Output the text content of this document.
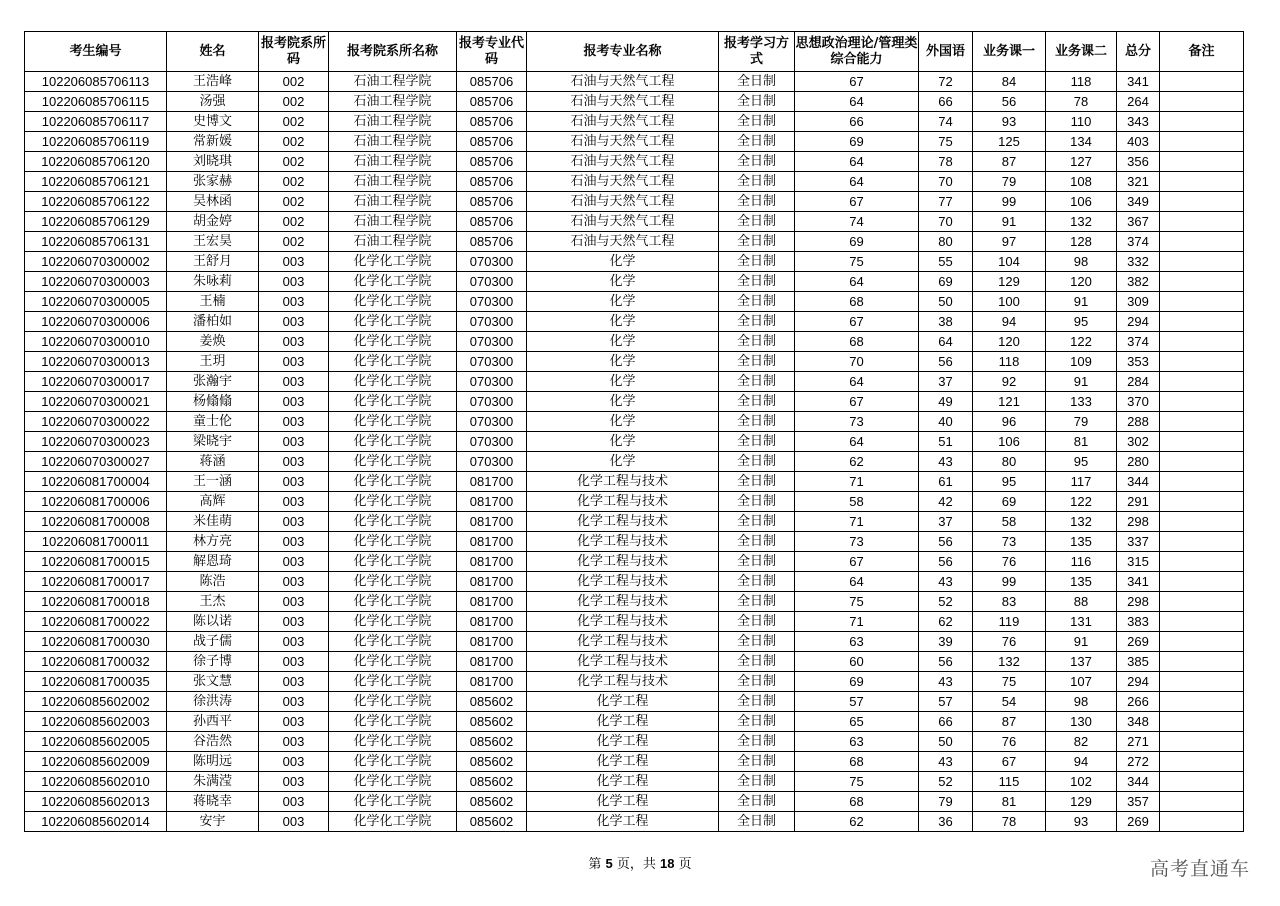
考生编号	姓名	报考院系所码	报考院系所名称	报考专业代码	报考专业名称	报考学习方式	思想政治理论/管理类综合能力	外国语	业务课一	业务课二	总分	备注
102206085706113	王浩峰	002	石油工程学院	085706	石油与天然气工程	全日制	67	72	84	118	341	
102206085706115	汤强	002	石油工程学院	085706	石油与天然气工程	全日制	64	66	56	78	264	
102206085706117	史博文	002	石油工程学院	085706	石油与天然气工程	全日制	66	74	93	110	343	
102206085706119	常新媛	002	石油工程学院	085706	石油与天然气工程	全日制	69	75	125	134	403	
102206085706120	刘晓琪	002	石油工程学院	085706	石油与天然气工程	全日制	64	78	87	127	356	
102206085706121	张家赫	002	石油工程学院	085706	石油与天然气工程	全日制	64	70	79	108	321	
102206085706122	吴林函	002	石油工程学院	085706	石油与天然气工程	全日制	67	77	99	106	349	
102206085706129	胡金婷	002	石油工程学院	085706	石油与天然气工程	全日制	74	70	91	132	367	
102206085706131	王宏昊	002	石油工程学院	085706	石油与天然气工程	全日制	69	80	97	128	374	
102206070300002	王舒月	003	化学化工学院	070300	化学	全日制	75	55	104	98	332	
102206070300003	朱咏莉	003	化学化工学院	070300	化学	全日制	64	69	129	120	382	
102206070300005	王楠	003	化学化工学院	070300	化学	全日制	68	50	100	91	309	
102206070300006	潘柏如	003	化学化工学院	070300	化学	全日制	67	38	94	95	294	
102206070300010	姜焕	003	化学化工学院	070300	化学	全日制	68	64	120	122	374	
102206070300013	王玥	003	化学化工学院	070300	化学	全日制	70	56	118	109	353	
102206070300017	张瀚宇	003	化学化工学院	070300	化学	全日制	64	37	92	91	284	
102206070300021	杨翛翛	003	化学化工学院	070300	化学	全日制	67	49	121	133	370	
102206070300022	童士伦	003	化学化工学院	070300	化学	全日制	73	40	96	79	288	
102206070300023	梁晓宇	003	化学化工学院	070300	化学	全日制	64	51	106	81	302	
102206070300027	蒋涵	003	化学化工学院	070300	化学	全日制	62	43	80	95	280	
102206081700004	王一涵	003	化学化工学院	081700	化学工程与技术	全日制	71	61	95	117	344	
102206081700006	高辉	003	化学化工学院	081700	化学工程与技术	全日制	58	42	69	122	291	
102206081700008	米佳萌	003	化学化工学院	081700	化学工程与技术	全日制	71	37	58	132	298	
102206081700011	林方亮	003	化学化工学院	081700	化学工程与技术	全日制	73	56	73	135	337	
102206081700015	解恩琦	003	化学化工学院	081700	化学工程与技术	全日制	67	56	76	116	315	
102206081700017	陈浩	003	化学化工学院	081700	化学工程与技术	全日制	64	43	99	135	341	
102206081700018	王杰	003	化学化工学院	081700	化学工程与技术	全日制	75	52	83	88	298	
102206081700022	陈以诺	003	化学化工学院	081700	化学工程与技术	全日制	71	62	119	131	383	
102206081700030	战子儒	003	化学化工学院	081700	化学工程与技术	全日制	63	39	76	91	269	
102206081700032	徐子博	003	化学化工学院	081700	化学工程与技术	全日制	60	56	132	137	385	
102206081700035	张文慧	003	化学化工学院	081700	化学工程与技术	全日制	69	43	75	107	294	
102206085602002	徐洪涛	003	化学化工学院	085602	化学工程	全日制	57	57	54	98	266	
102206085602003	孙西平	003	化学化工学院	085602	化学工程	全日制	65	66	87	130	348	
102206085602005	谷浩然	003	化学化工学院	085602	化学工程	全日制	63	50	76	82	271	
102206085602009	陈明远	003	化学化工学院	085602	化学工程	全日制	68	43	67	94	272	
102206085602010	朱满滢	003	化学化工学院	085602	化学工程	全日制	75	52	115	102	344	
102206085602013	蒋晓幸	003	化学化工学院	085602	化学工程	全日制	68	79	81	129	357	
102206085602014	安宇	003	化学化工学院	085602	化学工程	全日制	62	36	78	93	269	
第 5 页，共 18 页	高考直通车
